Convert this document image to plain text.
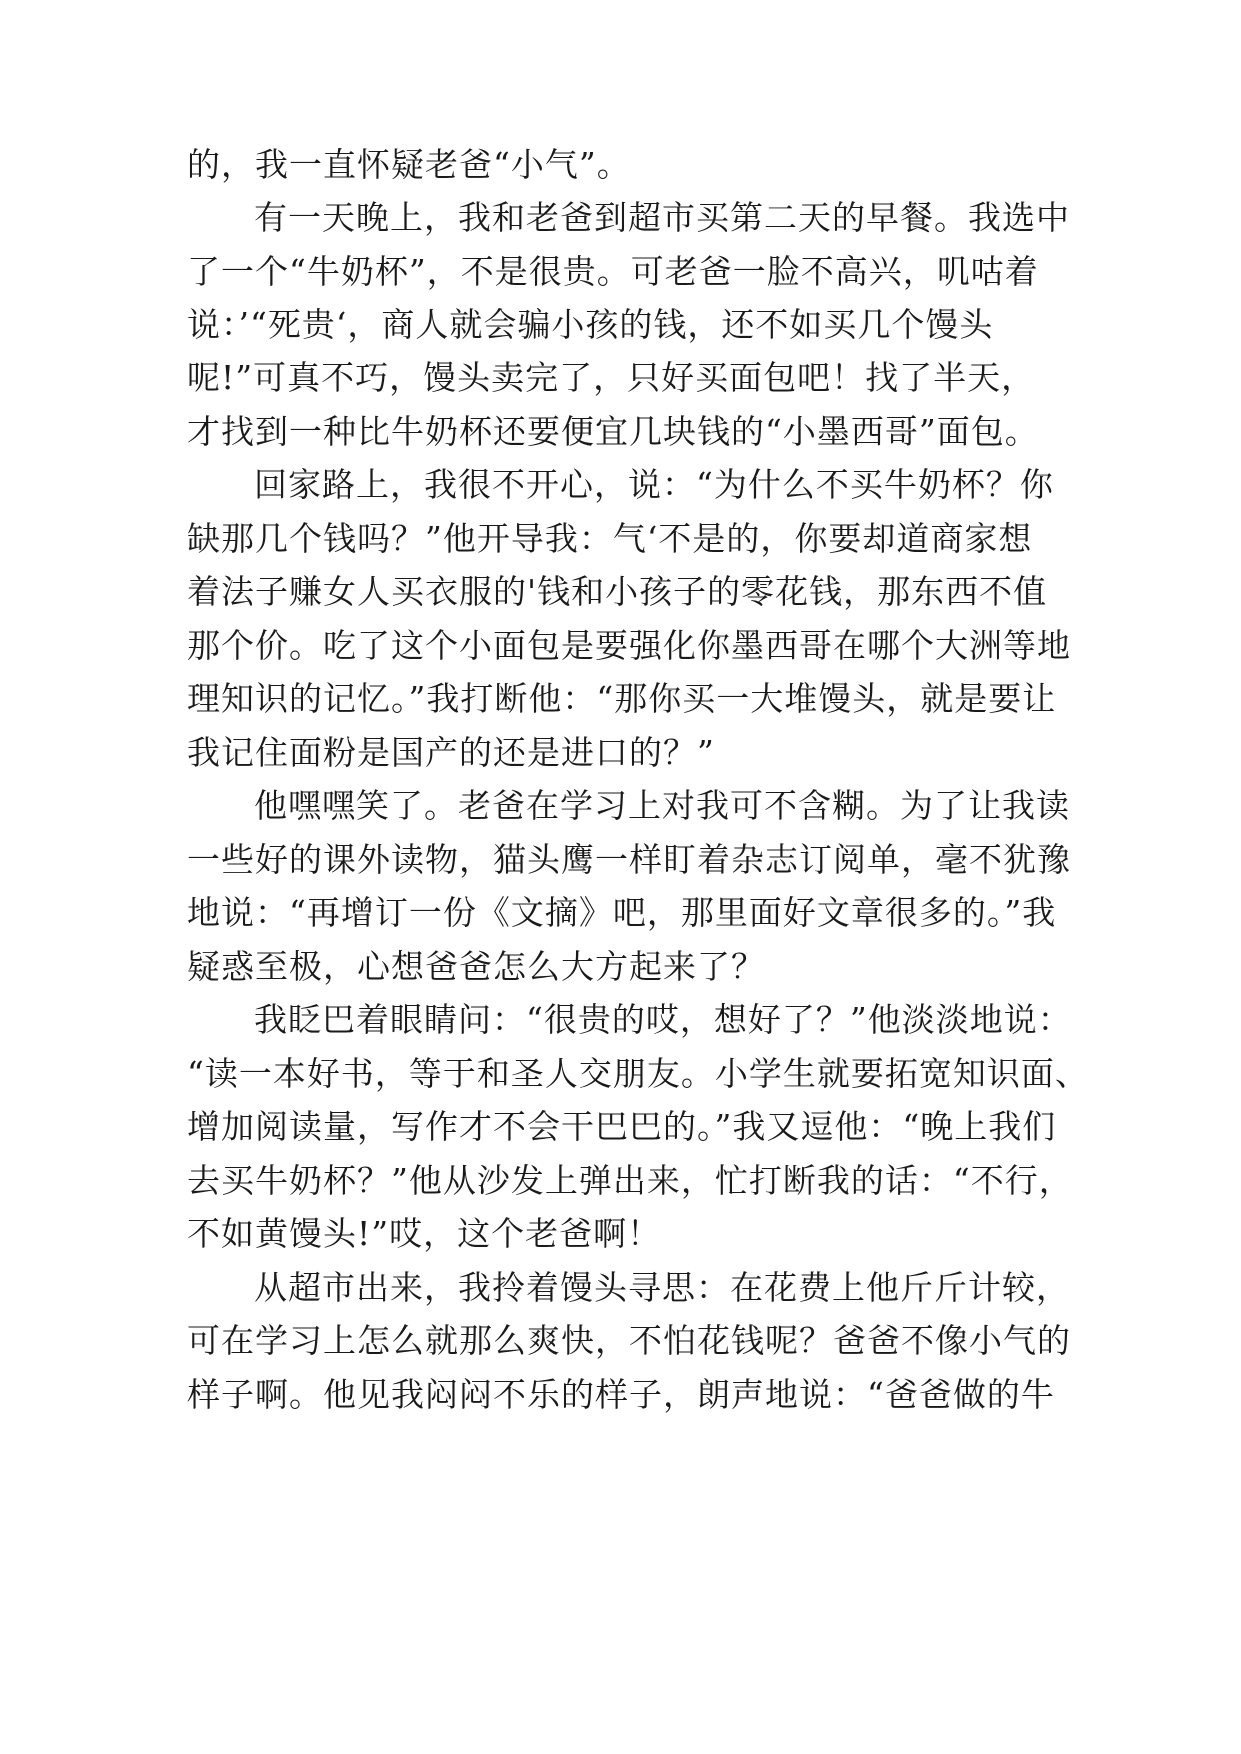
的，我一直怀疑老爸“小气”。
有一天晚上，我和老爸到超市买第二天的早餐。我选中
了一个“牛奶杯”，不是很贵。可老爸一脸不高兴，叽咕着
说：’“死贵‘，商人就会骗小孩的钱，还不如买几个馒头
呢!”可真不巧，馒头卖完了，只好买面包吧！找了半天，
才找到一种比牛奶杯还要便宜几块钱的“小墨西哥”面包。
回家路上，我很不开心，说：“为什么不买牛奶杯？你
缺那几个钱吗？”他开导我：气‘不是的，你要却道商家想
着法子赚女人买衣服的'钱和小孩子的零花钱，那东西不值
那个价。吃了这个小面包是要强化你墨西哥在哪个大洲等地
理知识的记忆。”我打断他：“那你买一大堆馒头，就是要让
我记住面粉是国产的还是进口的？”
他嘿嘿笑了。老爸在学习上对我可不含糊。为了让我读
一些好的课外读物，猫头鹰一样盯着杂志订阅单，毫不犹豫
地说：“再增订一份《文摘》吧，那里面好文章很多的。”我
疑惑至极，心想爸爸怎么大方起来了？
我眨巴着眼睛问：“很贵的哎，想好了？”他淡淡地说：
“读一本好书，等于和圣人交朋友。小学生就要拓宽知识面、
增加阅读量，写作才不会干巴巴的。”我又逗他：“晚上我们
去买牛奶杯？”他从沙发上弹出来，忙打断我的话：“不行，
不如黄馒头!”哎，这个老爸啊！
从超市出来，我拎着馒头寻思：在花费上他斤斤计较，
可在学习上怎么就那么爽快，不怕花钱呢？爸爸不像小气的
样子啊。他见我闷闷不乐的样子，朗声地说：“爸爸做的牛
